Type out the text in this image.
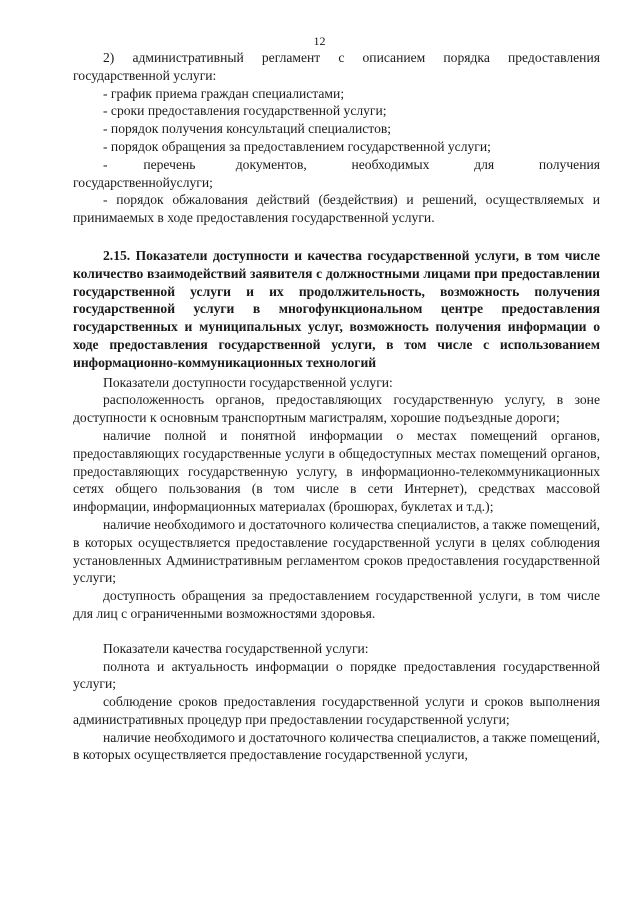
12

2) административный регламент с описанием порядка предоставления государственной услуги:

- график приема граждан специалистами;

- сроки предоставления государственной услуги;

- порядок получения консультаций специалистов;

- порядок обращения за предоставлением государственной услуги;

-        перечень         документов,          необходимых          для          получения государственнойуслуги;

- порядок обжалования действий (бездействия) и решений, осуществляемых и принимаемых в ходе предоставления государственной услуги.

2.15. Показатели доступности и качества государственной услуги, в том числе количество взаимодействий заявителя с должностными лицами при предоставлении государственной услуги и их продолжительность, возможность получения государственной услуги в многофункциональном центре предоставления государственных и муниципальных услуг, возможность получения информации о ходе предоставления государственной услуги, в том числе с использованием информационно-коммуникационных технологий

Показатели доступности государственной услуги:

расположенность органов, предоставляющих государственную услугу, в зоне доступности к основным транспортным магистралям, хорошие подъездные дороги;

наличие полной и понятной информации о местах помещений органов, предоставляющих государственные услуги в общедоступных местах помещений органов, предоставляющих государственную услугу, в информационно-телекоммуникационных сетях общего пользования (в том числе в сети Интернет), средствах массовой информации, информационных материалах (брошюрах, буклетах и т.д.);

наличие необходимого и достаточного количества специалистов, а также помещений, в которых осуществляется предоставление государственной услуги в целях соблюдения установленных Административным регламентом сроков предоставления государственной услуги;

доступность обращения за предоставлением государственной услуги, в том числе для лиц с ограниченными возможностями здоровья.

Показатели качества государственной услуги:

полнота и актуальность информации о порядке предоставления государственной услуги;

соблюдение сроков предоставления государственной услуги и сроков выполнения административных процедур при предоставлении государственной услуги;

наличие необходимого и достаточного количества специалистов, а также помещений, в которых осуществляется предоставление государственной услуги,
